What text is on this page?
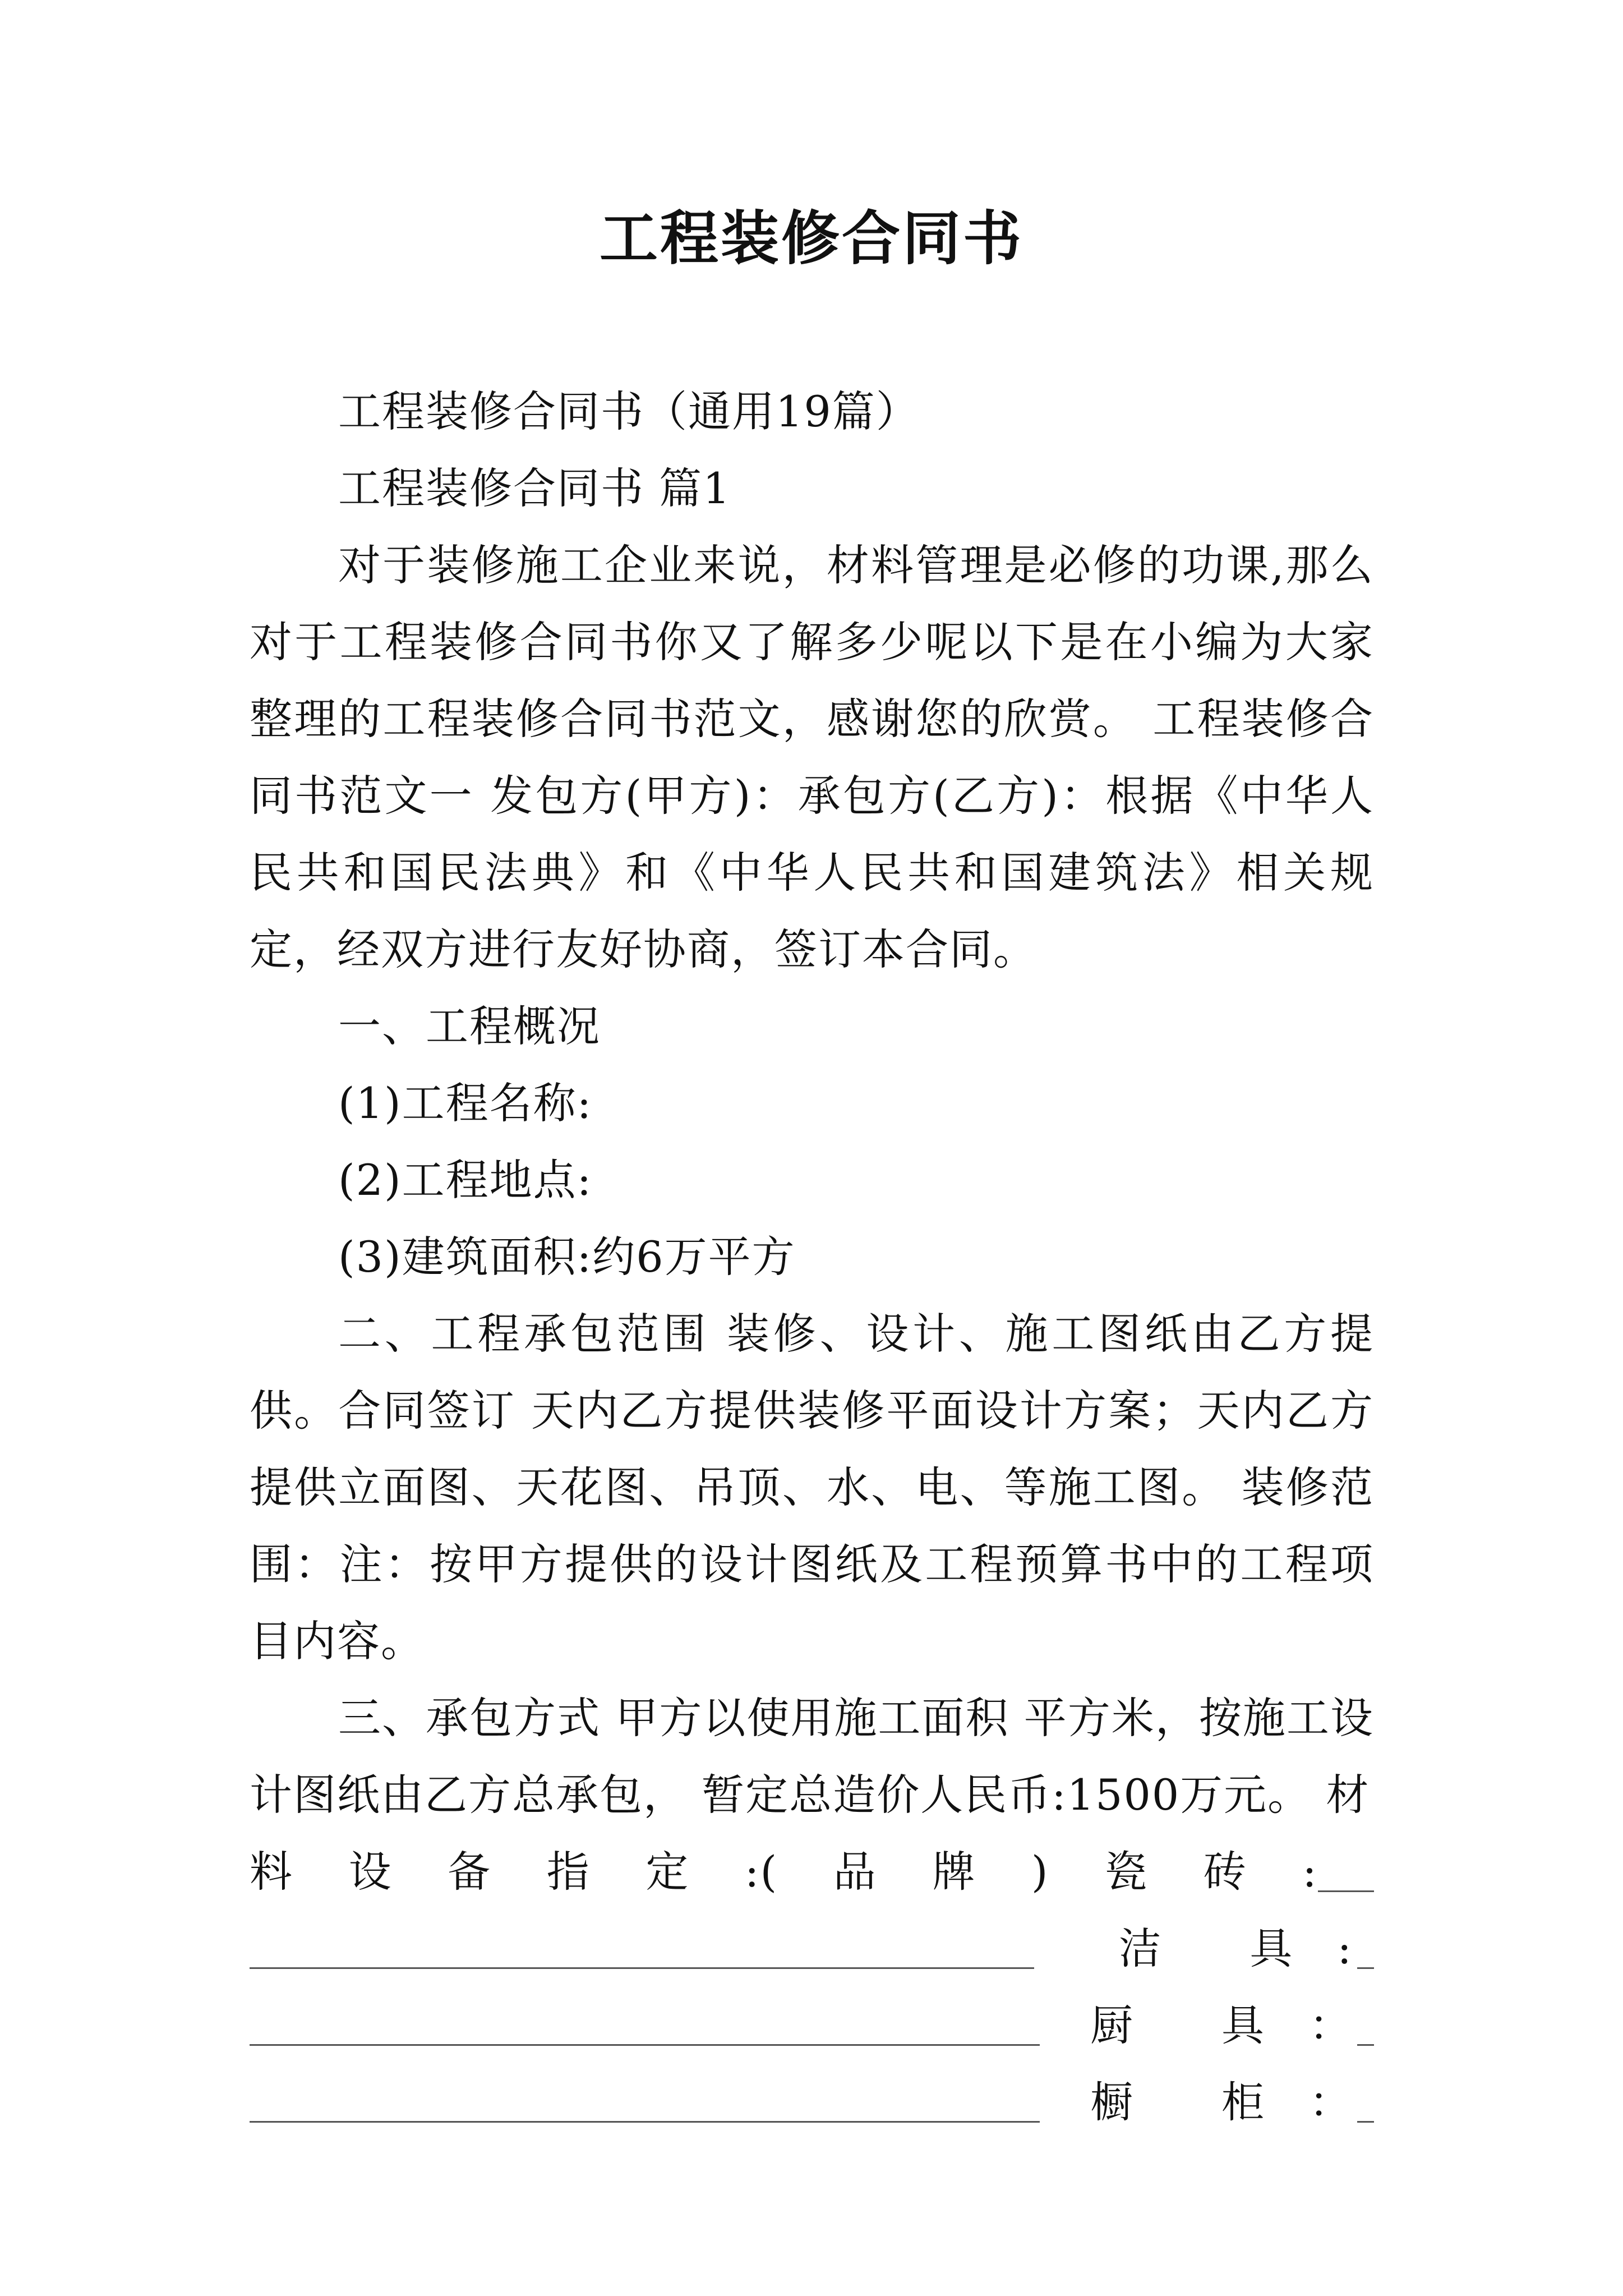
工程装修合同书

工程装修合同书（通用19篇）

工程装修合同书 篇1

对于装修施工企业来说，材料管理是必修的功课,那么对于工程装修合同书你又了解多少呢以下是在小编为大家整理的工程装修合同书范文，感谢您的欣赏。 工程装修合同书范文一 发包方(甲方)：承包方(乙方)：根据《中华人民共和国民法典》和《中华人民共和国建筑法》相关规定，经双方进行友好协商，签订本合同。

一、工程概况

(1)工程名称:

(2)工程地点:

(3)建筑面积:约6万平方

二、工程承包范围 装修、设计、施工图纸由乙方提供。合同签订 天内乙方提供装修平面设计方案；天内乙方提供立面图、天花图、吊顶、水、电、等施工图。 装修范围：注：按甲方提供的设计图纸及工程预算书中的工程项目内容。

三、承包方式 甲方以使用施工面积 平方米，按施工设计图纸由乙方总承包， 暂定总造价人民币:1500万元。 材

料 设 备 指 定 :( 品 牌 ) 瓷 砖 :
洁　　具　:
厨　　具　：
橱　　柜　：
